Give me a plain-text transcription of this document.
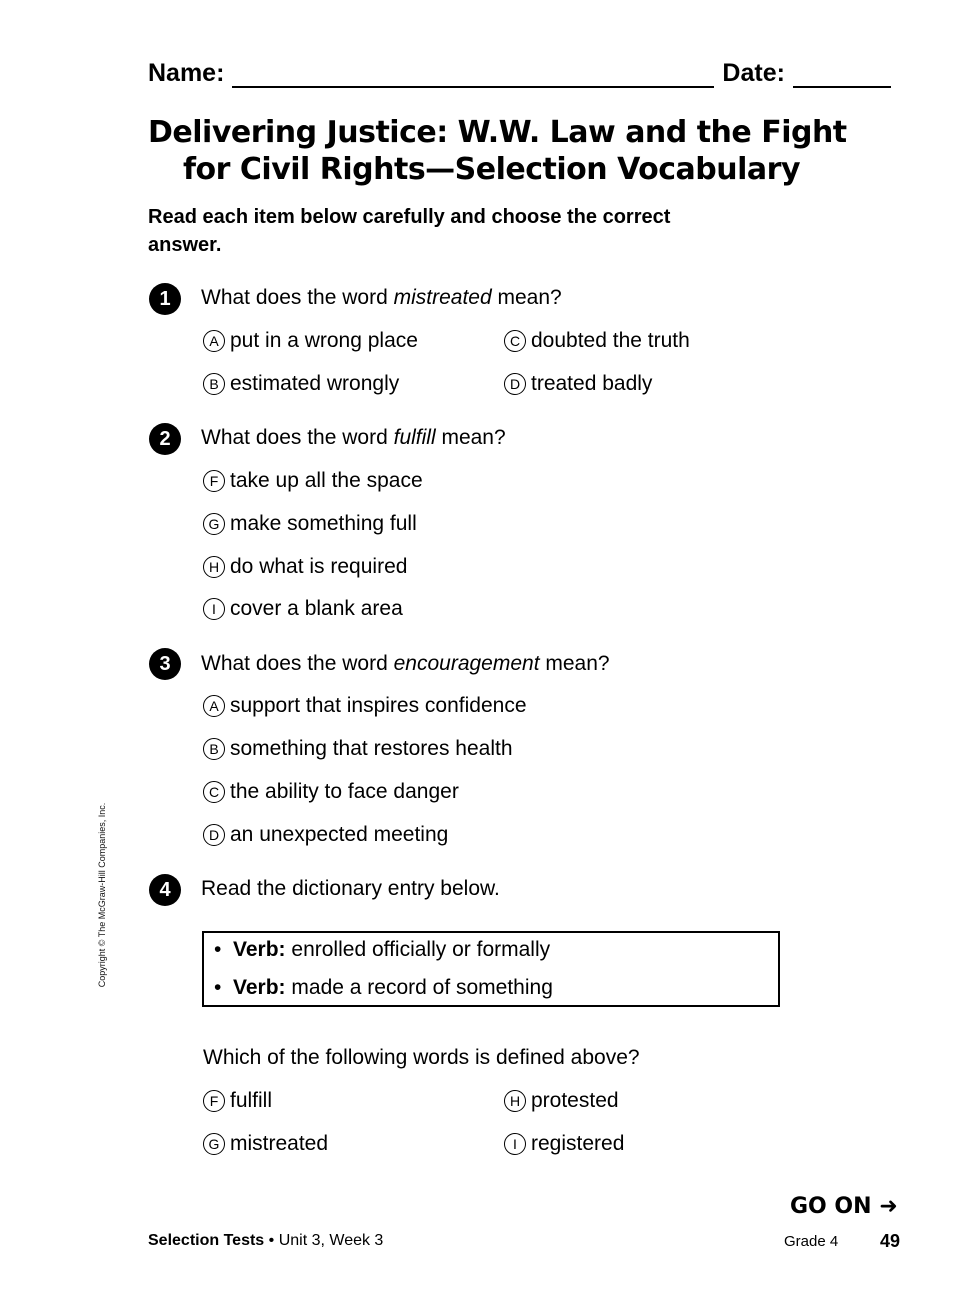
Name:	Date:
Delivering Justice: W.W. Law and the Fight
for Civil Rights—Selection Vocabulary
Read each item below carefully and choose the correct answer.
1	What does the word mistreated mean?
A put in a wrong place
B estimated wrongly
C doubted the truth
D treated badly
2	What does the word fulfill mean?
F take up all the space
G make something full
H do what is required
I cover a blank area
3	What does the word encouragement mean?
A support that inspires confidence
B something that restores health
C the ability to face danger
D an unexpected meeting
4	Read the dictionary entry below.
• Verb: enrolled officially or formally
• Verb: made a record of something
Which of the following words is defined above?
F fulfill
G mistreated
H protested
I registered
GO ON ➜
Selection Tests • Unit 3, Week 3	Grade 4 49
Copyright © The McGraw-Hill Companies, Inc.
